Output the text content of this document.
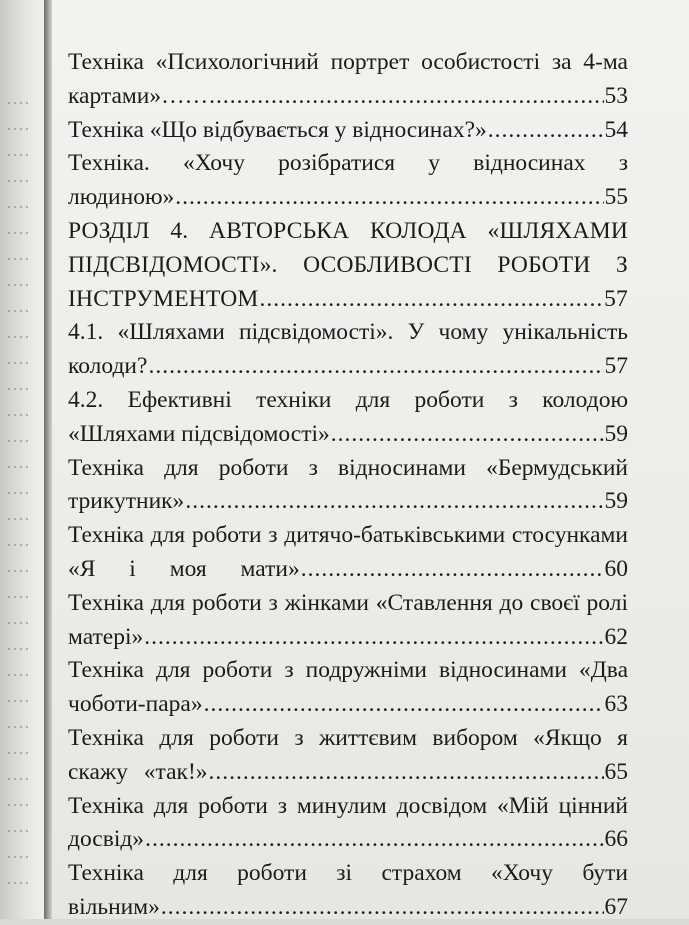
Техніка «Психологічний портрет особистості за 4-ма
картами»…… .....	53
Техніка «Що відбувається у відносинах?» .....	54
Техніка. «Хочу розібратися у відносинах з
людиною» .....	55
РОЗДІЛ 4. АВТОРСЬКА КОЛОДА «ШЛЯХАМИ
ПІДСВІДОМОСТІ». ОСОБЛИВОСТІ РОБОТИ З
ІНСТРУМЕНТОМ .....	57
4.1. «Шляхами підсвідомості». У чому унікальність
колоди? .....	57
4.2. Ефективні техніки для роботи з колодою
«Шляхами підсвідомості» .....	59
Техніка для роботи з відносинами «Бермудський
трикутник» .....	59
Техніка для роботи з дитячо-батьківськими стосунками
«Я і моя мати» .....	60
Техніка для роботи з жінками «Ставлення до своєї ролі
матері» .....	62
Техніка для роботи з подружніми відносинами «Два
чоботи-пара» .....	63
Техніка для роботи з життєвим вибором «Якщо я
скажу «так!» .....	65
Техніка для роботи з минулим досвідом «Мій цінний
досвід» .....	66
Техніка для роботи зі страхом «Хочу бути
вільним» .....	67
